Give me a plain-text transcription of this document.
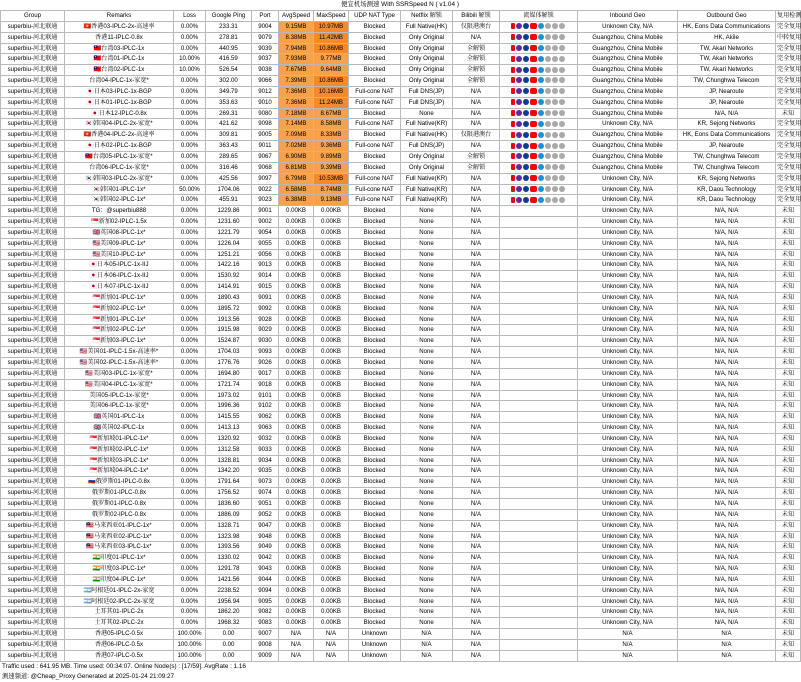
便宜机场测速 With SSRSpeed N ( v1.04 )
Group	Remarks	Loss	Google Ping	Port	AvgSpeed	MaxSpeed	UDP NAT Type	Netflix 解锁	Bilibili 解锁	流媒体解锁	Inbound Geo	Outbound Geo	复用检测
superbiu-河北联通	🇭🇰香港03-IPLC-2x-高速率	0.00%	233.31	9004	9.15MB	10.97MB	Blocked	Full Native(HK)	仅限港澳台		Unknown City, N/A	HK, Eons Data Communications	完全复用
superbiu-河北联通	香港11-IPLC-0.8x	0.00%	278.81	9079	8.38MB	11.42MB	Blocked	Only Original	N/A		Guangzhou, China Mobile	HK, Akile	中转复用
superbiu-河北联通	🇹🇼台湾03-IPLC-1x	0.00%	440.95	9039	7.94MB	10.86MB	Blocked	Only Original	全解锁		Guangzhou, China Mobile	TW, Akari Networks	完全复用
superbiu-河北联通	🇹🇼台湾01-IPLC-1x	10.00%	416.59	9037	7.93MB	9.77MB	Blocked	Only Original	全解锁		Guangzhou, China Mobile	TW, Akari Networks	完全复用
superbiu-河北联通	🇹🇼台湾02-IPLC-1x	10.00%	526.54	9038	7.67MB	9.64MB	Blocked	Only Original	全解锁		Guangzhou, China Mobile	TW, Akari Networks	完全复用
superbiu-河北联通	台湾04-IPLC-1x-家宽*	0.00%	302.00	9066	7.39MB	10.86MB	Blocked	Only Original	全解锁		Guangzhou, China Mobile	TW, Chunghwa Telecom	完全复用
superbiu-河北联通	🇯🇵日本03-IPLC-1x-BGP	0.00%	349.79	9012	7.36MB	10.16MB	Full-cone NAT	Full DNS(JP)	N/A		Guangzhou, China Mobile	JP, Nearoute	完全复用
superbiu-河北联通	🇯🇵日本01-IPLC-1x-BGP	0.00%	353.63	9010	7.36MB	11.24MB	Full-cone NAT	Full DNS(JP)	N/A		Guangzhou, China Mobile	JP, Nearoute	完全复用
superbiu-河北联通	🇯🇵日本12-IPLC-0.8x	0.00%	269.31	9080	7.18MB	8.67MB	Blocked	None	N/A		Guangzhou, China Mobile	N/A, N/A	未知
superbiu-河北联通	🇰🇷韩国04-IPLC-2x-家宽*	0.00%	421.62	9098	7.14MB	8.58MB	Full-cone NAT	Full Native(KR)	N/A		Unknown City, N/A	KR, Sejong Networks	完全复用
superbiu-河北联通	🇭🇰香港04-IPLC-2x-高速率	0.00%	309.81	9005	7.09MB	8.33MB	Blocked	Full Native(HK)	仅限港澳台		Guangzhou, China Mobile	HK, Eons Data Communications	完全复用
superbiu-河北联通	🇯🇵日本02-IPLC-1x-BGP	0.00%	363.43	9011	7.02MB	9.36MB	Full-cone NAT	Full DNS(JP)	N/A		Guangzhou, China Mobile	JP, Nearoute	完全复用
superbiu-河北联通	🇹🇼台湾05-IPLC-1x-家宽*	0.00%	289.65	9067	6.90MB	9.89MB	Blocked	Only Original	全解锁		Guangzhou, China Mobile	TW, Chunghwa Telecom	完全复用
superbiu-河北联通	台湾06-IPLC-1x-家宽*	0.00%	316.46	9068	6.81MB	9.39MB	Blocked	Only Original	全解锁		Guangzhou, China Mobile	TW, Chunghwa Telecom	完全复用
superbiu-河北联通	🇰🇷韩国03-IPLC-2x-家宽*	0.00%	425.56	9097	6.79MB	10.53MB	Full-cone NAT	Full Native(KR)	N/A		Unknown City, N/A	KR, Sejong Networks	完全复用
superbiu-河北联通	🇰🇷韩国01-IPLC-1x*	50.00%	1704.06	9022	6.58MB	8.74MB	Full-cone NAT	Full Native(KR)	N/A		Unknown City, N/A	KR, Daou Technology	完全复用
superbiu-河北联通	🇰🇷韩国02-IPLC-1x*	0.00%	455.91	9023	6.38MB	9.13MB	Full-cone NAT	Full Native(KR)	N/A		Unknown City, N/A	KR, Daou Technology	完全复用
superbiu-河北联通	TG：@superbiu888	0.00%	1229.86	9001	0.00KB	0.00KB	Blocked	None	N/A		Unknown City, N/A	N/A, N/A	未知
superbiu-河北联通	🇸🇬新加02-IPLC-1.5x	0.00%	1231.60	9002	0.00KB	0.00KB	Blocked	None	N/A		Unknown City, N/A	N/A, N/A	未知
superbiu-河北联通	🇬🇧英国08-IPLC-1x*	0.00%	1221.79	9054	0.00KB	0.00KB	Blocked	None	N/A		Unknown City, N/A	N/A, N/A	未知
superbiu-河北联通	🇺🇸美国09-IPLC-1x*	0.00%	1226.04	9055	0.00KB	0.00KB	Blocked	None	N/A		Unknown City, N/A	N/A, N/A	未知
superbiu-河北联通	🇺🇸美国10-IPLC-1x*	0.00%	1251.21	9056	0.00KB	0.00KB	Blocked	None	N/A		Unknown City, N/A	N/A, N/A	未知
superbiu-河北联通	🇯🇵日本05-IPLC-1x-IIJ	0.00%	1422.16	9013	0.00KB	0.00KB	Blocked	None	N/A		Unknown City, N/A	N/A, N/A	未知
superbiu-河北联通	🇯🇵日本06-IPLC-1x-IIJ	0.00%	1530.92	9014	0.00KB	0.00KB	Blocked	None	N/A		Unknown City, N/A	N/A, N/A	未知
superbiu-河北联通	🇯🇵日本07-IPLC-1x-IIJ	0.00%	1414.91	9015	0.00KB	0.00KB	Blocked	None	N/A		Unknown City, N/A	N/A, N/A	未知
superbiu-河北联通	🇸🇬新加01-IPLC-1x*	0.00%	1890.43	9091	0.00KB	0.00KB	Blocked	None	N/A		Unknown City, N/A	N/A, N/A	未知
superbiu-河北联通	🇸🇬新加02-IPLC-1x*	0.00%	1895.72	9092	0.00KB	0.00KB	Blocked	None	N/A		Unknown City, N/A	N/A, N/A	未知
superbiu-河北联通	🇸🇬新加01-IPLC-1x*	0.00%	1913.56	9028	0.00KB	0.00KB	Blocked	None	N/A		Unknown City, N/A	N/A, N/A	未知
superbiu-河北联通	🇸🇬新加02-IPLC-1x*	0.00%	1915.98	9029	0.00KB	0.00KB	Blocked	None	N/A		Unknown City, N/A	N/A, N/A	未知
superbiu-河北联通	🇸🇬新加03-IPLC-1x*	0.00%	1524.87	9030	0.00KB	0.00KB	Blocked	None	N/A		Unknown City, N/A	N/A, N/A	未知
superbiu-河北联通	🇺🇸美国01-IPLC-1.5x-高速率*	0.00%	1704.03	9093	0.00KB	0.00KB	Blocked	None	N/A		Unknown City, N/A	N/A, N/A	未知
superbiu-河北联通	🇺🇸美国02-IPLC-1.5x-高速率*	0.00%	1776.76	9026	0.00KB	0.00KB	Blocked	None	N/A		Unknown City, N/A	N/A, N/A	未知
superbiu-河北联通	🇺🇸美国03-IPLC-1x-家宽*	0.00%	1694.80	9017	0.00KB	0.00KB	Blocked	None	N/A		Unknown City, N/A	N/A, N/A	未知
superbiu-河北联通	🇺🇸美国04-IPLC-1x-家宽*	0.00%	1721.74	9018	0.00KB	0.00KB	Blocked	None	N/A		Unknown City, N/A	N/A, N/A	未知
superbiu-河北联通	美国05-IPLC-1x-家宽*	0.00%	1973.02	9101	0.00KB	0.00KB	Blocked	None	N/A		Unknown City, N/A	N/A, N/A	未知
superbiu-河北联通	美国06-IPLC-1x-家宽*	0.00%	1996.36	9102	0.00KB	0.00KB	Blocked	None	N/A		Unknown City, N/A	N/A, N/A	未知
superbiu-河北联通	🇬🇧英国01-IPLC-1x	0.00%	1415.55	9062	0.00KB	0.00KB	Blocked	None	N/A		Unknown City, N/A	N/A, N/A	未知
superbiu-河北联通	🇬🇧英国02-IPLC-1x	0.00%	1413.13	9063	0.00KB	0.00KB	Blocked	None	N/A		Unknown City, N/A	N/A, N/A	未知
superbiu-河北联通	🇸🇬新加坡01-IPLC-1x*	0.00%	1320.92	9032	0.00KB	0.00KB	Blocked	None	N/A		Unknown City, N/A	N/A, N/A	未知
superbiu-河北联通	🇸🇬新加坡02-IPLC-1x*	0.00%	1312.58	9033	0.00KB	0.00KB	Blocked	None	N/A		Unknown City, N/A	N/A, N/A	未知
superbiu-河北联通	🇸🇬新加坡03-IPLC-1x*	0.00%	1328.81	9034	0.00KB	0.00KB	Blocked	None	N/A		Unknown City, N/A	N/A, N/A	未知
superbiu-河北联通	🇸🇬新加坡04-IPLC-1x*	0.00%	1342.20	9035	0.00KB	0.00KB	Blocked	None	N/A		Unknown City, N/A	N/A, N/A	未知
superbiu-河北联通	🇷🇺俄罗斯01-IPLC-0.8x	0.00%	1791.64	9073	0.00KB	0.00KB	Blocked	None	N/A		Unknown City, N/A	N/A, N/A	未知
superbiu-河北联通	俄罗斯01-IPLC-0.8x	0.00%	1756.52	9074	0.00KB	0.00KB	Blocked	None	N/A		Unknown City, N/A	N/A, N/A	未知
superbiu-河北联通	俄罗斯01-IPLC-0.8x	0.00%	1836.60	9051	0.00KB	0.00KB	Blocked	None	N/A		Unknown City, N/A	N/A, N/A	未知
superbiu-河北联通	俄罗斯02-IPLC-0.8x	0.00%	1886.09	9052	0.00KB	0.00KB	Blocked	None	N/A		Unknown City, N/A	N/A, N/A	未知
superbiu-河北联通	🇲🇾马来西亚01-IPLC-1x*	0.00%	1328.71	9047	0.00KB	0.00KB	Blocked	None	N/A		Unknown City, N/A	N/A, N/A	未知
superbiu-河北联通	🇲🇾马来西亚02-IPLC-1x*	0.00%	1323.98	9048	0.00KB	0.00KB	Blocked	None	N/A		Unknown City, N/A	N/A, N/A	未知
superbiu-河北联通	🇲🇾马来西亚03-IPLC-1x*	0.00%	1393.56	9049	0.00KB	0.00KB	Blocked	None	N/A		Unknown City, N/A	N/A, N/A	未知
superbiu-河北联通	🇮🇳印度01-IPLC-1x*	0.00%	1330.02	9042	0.00KB	0.00KB	Blocked	None	N/A		Unknown City, N/A	N/A, N/A	未知
superbiu-河北联通	🇮🇳印度03-IPLC-1x*	0.00%	1291.78	9043	0.00KB	0.00KB	Blocked	None	N/A		Unknown City, N/A	N/A, N/A	未知
superbiu-河北联通	🇮🇳印度04-IPLC-1x*	0.00%	1421.56	9044	0.00KB	0.00KB	Blocked	None	N/A		Unknown City, N/A	N/A, N/A	未知
superbiu-河北联通	🇦🇷阿根廷01-IPLC-2x-家宽	0.00%	2238.52	9094	0.00KB	0.00KB	Blocked	None	N/A		Unknown City, N/A	N/A, N/A	未知
superbiu-河北联通	🇦🇷阿根廷02-IPLC-2x-家宽	0.00%	1956.94	9095	0.00KB	0.00KB	Blocked	None	N/A		Unknown City, N/A	N/A, N/A	未知
superbiu-河北联通	土耳其01-IPLC-2x	0.00%	1862.20	9082	0.00KB	0.00KB	Blocked	None	N/A		Unknown City, N/A	N/A, N/A	未知
superbiu-河北联通	土耳其02-IPLC-2x	0.00%	1968.32	9083	0.00KB	0.00KB	Blocked	None	N/A		Unknown City, N/A	N/A, N/A	未知
superbiu-河北联通	香港05-IPLC-0.5x	100.00%	0.00	9007	N/A	N/A	Unknown	N/A	N/A		N/A	N/A	未知
superbiu-河北联通	香港06-IPLC-0.5x	100.00%	0.00	9008	N/A	N/A	Unknown	N/A	N/A		N/A	N/A	未知
superbiu-河北联通	香港07-IPLC-0.5x	100.00%	0.00	9009	N/A	N/A	Unknown	N/A	N/A		N/A	N/A	未知
Traffic used : 641.95 MB. Time used: 00:34:07. Online Node(s) : [17/59]. AvgRate : 1.16
测速频道: @Cheap_Proxy Generated at 2025-01-24 21:09:27
